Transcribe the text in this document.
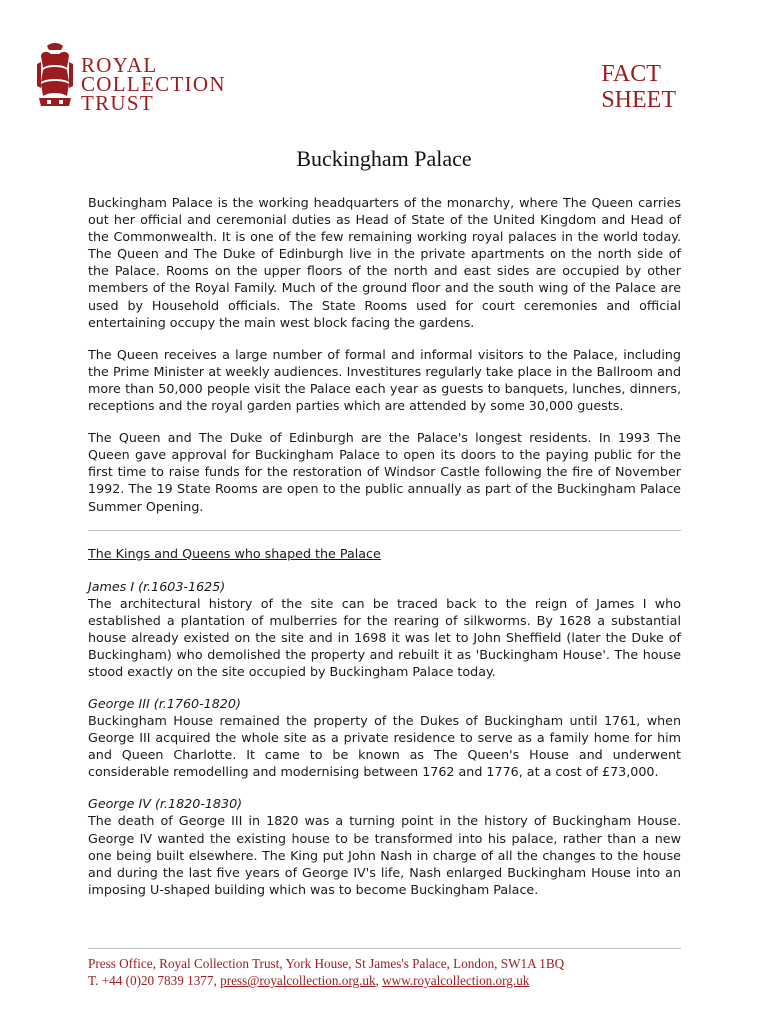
ROYAL
COLLECTION
TRUST
FACT
SHEET
Buckingham Palace

Buckingham Palace is the working headquarters of the monarchy, where The Queen carries out her official and ceremonial duties as Head of State of the United Kingdom and Head of the Commonwealth. It is one of the few remaining working royal palaces in the world today. The Queen and The Duke of Edinburgh live in the private apartments on the north side of the Palace. Rooms on the upper floors of the north and east sides are occupied by other members of the Royal Family. Much of the ground floor and the south wing of the Palace are used by Household officials. The State Rooms used for court ceremonies and official entertaining occupy the main west block facing the gardens.

The Queen receives a large number of formal and informal visitors to the Palace, including the Prime Minister at weekly audiences. Investitures regularly take place in the Ballroom and more than 50,000 people visit the Palace each year as guests to banquets, lunches, dinners, receptions and the royal garden parties which are attended by some 30,000 guests.

The Queen and The Duke of Edinburgh are the Palace's longest residents. In 1993 The Queen gave approval for Buckingham Palace to open its doors to the paying public for the first time to raise funds for the restoration of Windsor Castle following the fire of November 1992. The 19 State Rooms are open to the public annually as part of the Buckingham Palace Summer Opening.

The Kings and Queens who shaped the Palace
James I (r.1603-1625)

The architectural history of the site can be traced back to the reign of James I who established a plantation of mulberries for the rearing of silkworms. By 1628 a substantial house already existed on the site and in 1698 it was let to John Sheffield (later the Duke of Buckingham) who demolished the property and rebuilt it as 'Buckingham House'. The house stood exactly on the site occupied by Buckingham Palace today.

George III (r.1760-1820)

Buckingham House remained the property of the Dukes of Buckingham until 1761, when George III acquired the whole site as a private residence to serve as a family home for him and Queen Charlotte. It came to be known as The Queen's House and underwent considerable remodelling and modernising between 1762 and 1776, at a cost of £73,000.

George IV (r.1820-1830)

The death of George III in 1820 was a turning point in the history of Buckingham House. George IV wanted the existing house to be transformed into his palace, rather than a new one being built elsewhere. The King put John Nash in charge of all the changes to the house and during the last five years of George IV's life, Nash enlarged Buckingham House into an imposing U-shaped building which was to become Buckingham Palace.

Press Office, Royal Collection Trust, York House, St James's Palace, London, SW1A 1BQ
T. +44 (0)20 7839 1377, press@royalcollection.org.uk, www.royalcollection.org.uk
